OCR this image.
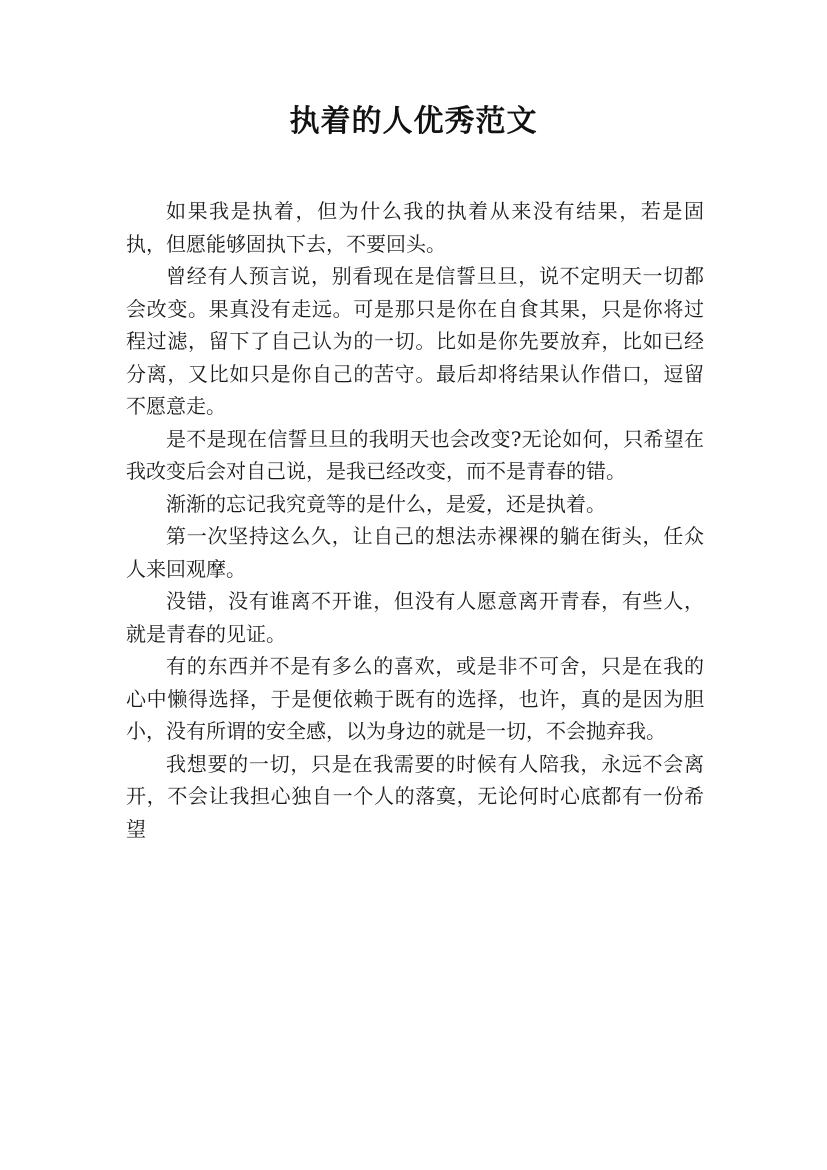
执着的人优秀范文

如果我是执着，但为什么我的执着从来没有结果，若是固执，但愿能够固执下去，不要回头。

曾经有人预言说，别看现在是信誓旦旦，说不定明天一切都会改变。果真没有走远。可是那只是你在自食其果，只是你将过程过滤，留下了自己认为的一切。比如是你先要放弃，比如已经分离，又比如只是你自己的苦守。最后却将结果认作借口，逗留不愿意走。

是不是现在信誓旦旦的我明天也会改变?无论如何，只希望在我改变后会对自己说，是我已经改变，而不是青春的错。

渐渐的忘记我究竟等的是什么，是爱，还是执着。

第一次坚持这么久，让自己的想法赤裸裸的躺在街头，任众人来回观摩。

没错，没有谁离不开谁，但没有人愿意离开青春，有些人，就是青春的见证。

有的东西并不是有多么的喜欢，或是非不可舍，只是在我的心中懒得选择，于是便依赖于既有的选择，也许，真的是因为胆小，没有所谓的安全感，以为身边的就是一切，不会抛弃我。

我想要的一切，只是在我需要的时候有人陪我，永远不会离开，不会让我担心独自一个人的落寞，无论何时心底都有一份希望
